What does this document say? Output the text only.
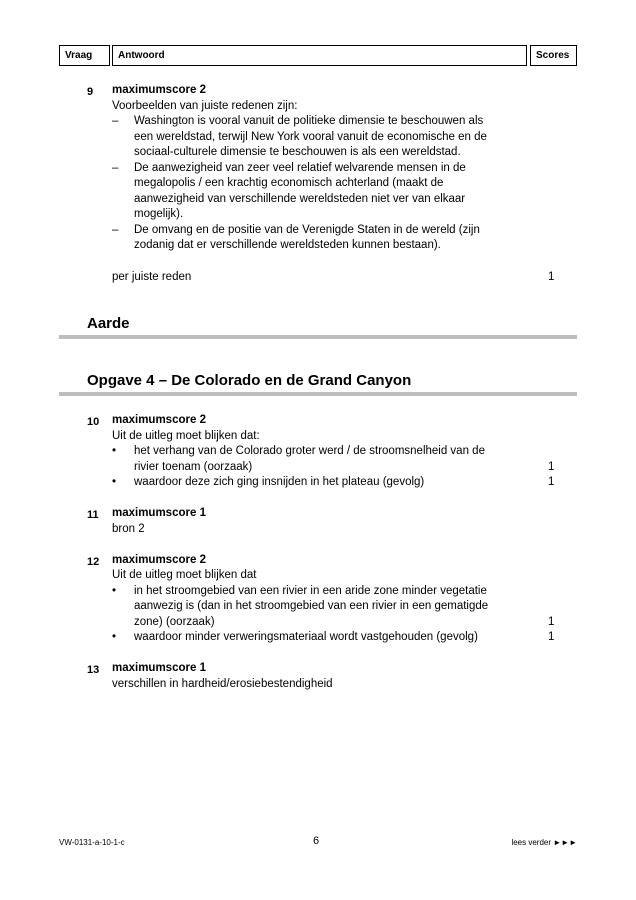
Vraag	Antwoord	Scores
9 maximumscore 2
Voorbeelden van juiste redenen zijn:
– Washington is vooral vanuit de politieke dimensie te beschouwen als
een wereldstad, terwijl New York vooral vanuit de economische en de
sociaal-culturele dimensie te beschouwen is als een wereldstad.
– De aanwezigheid van zeer veel relatief welvarende mensen in de
megalopolis / een krachtig economisch achterland (maakt de
aanwezigheid van verschillende wereldsteden niet ver van elkaar
mogelijk).
– De omvang en de positie van de Verenigde Staten in de wereld (zijn
zodanig dat er verschillende wereldsteden kunnen bestaan).
per juiste reden	1
Aarde
Opgave 4 – De Colorado en de Grand Canyon
10 maximumscore 2
Uit de uitleg moet blijken dat:
• het verhang van de Colorado groter werd / de stroomsnelheid van de
rivier toenam (oorzaak)	1
• waardoor deze zich ging insnijden in het plateau (gevolg)	1
11 maximumscore 1
bron 2
12 maximumscore 2
Uit de uitleg moet blijken dat
• in het stroomgebied van een rivier in een aride zone minder vegetatie
aanwezig is (dan in het stroomgebied van een rivier in een gematigde
zone) (oorzaak)	1
• waardoor minder verweringsmateriaal wordt vastgehouden (gevolg)	1
13 maximumscore 1
verschillen in hardheid/erosiebestendigheid
VW-0131-a-10-1-c	6	lees verder ►►►
